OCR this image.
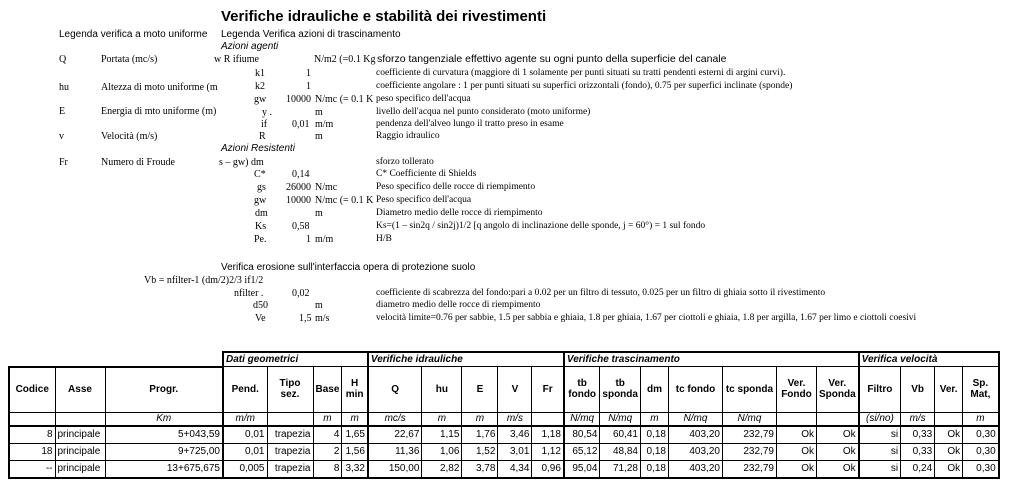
Verifiche idrauliche e stabilità dei rivestimenti
Legenda verifica a moto uniforme
Q	Portata (mc/s)
hu	Altezza di moto uniforme (m
E	Energia di mto uniforme (m)
v	Velocità (m/s)
Fr	Numero di Froude
Legenda Verifica azioni di trascinamento
Azioni agenti
w R ifiume	N/m2 (=0.1 Kg sforzo tangenziale effettivo agente su ogni punto della superficie del canale
k1	1	coefficiente di curvatura (maggiore di 1 solamente per punti situati su tratti pendenti esterni di argini curvi).
k2	1	coefficiente angolare : 1 per punti situati su superfici orizzontali (fondo), 0.75 per superfici inclinate (sponde)
gw 10000 N/mc (= 0.1 K peso specifico dell'acqua
y .	m	livello dell'acqua nel punto considerato (moto uniforme)
if 0,01 m/m	pendenza dell'alveo lungo il tratto preso in esame
R	m	Raggio idraulico
Azioni Resistenti
s – gw) dm	sforzo tollerato
C*	0,14	C* Coefficiente di Shields
gs 26000 N/mc	Peso specifico delle rocce di riempimento
gw 10000 N/mc (= 0.1 K Peso specifico dell'acqua
dm	m	Diametro medio delle rocce di riempimento
Ks	0,58	Ks=(1 – sin2q / sin2j)1/2 [q angolo di inclinazione delle sponde, j = 60°) = 1 sul fondo
Pe.	1 m/m	H/B
Verifica erosione sull'interfaccia opera di protezione suolo
Vb = nfilter-1 (dm/2)2/3 if1/2
nfilter .	0,02	coefficiente di scabrezza del fondo:pari a 0.02 per un filtro di tessuto, 0.025 per un filtro di ghiaia sotto il rivestimento
d50	m	diametro medio delle rocce di riempimento
Ve	1,5 m/s	velocità limite=0.76 per sabbie, 1.5 per sabbia e ghiaia, 1.8 per ghiaia, 1.67 per ciottoli e ghiaia, 1.8 per argilla, 1.67 per limo e ciottoli coesivi
			Dati geometrici				Verifiche idrauliche					Verifiche trascinamento							Verifica velocità			
Codice	Asse	Progr.	Pend.	Tipo sez.	Base	H min	Q	hu	E	V	Fr	tb fondo	tb sponda	dm	tc fondo	tc sponda	Ver. Fondo	Ver. Sponda	Filtro	Vb	Ver.	Sp. Mat,
		Km	m/m		m	m	mc/s	m	m	m/s		N/mq	N/mq	m	N/mq	N/mq			(si/no)	m/s		m
8	principale	5+043,59	0,01	trapezia	4	1,65	22,67	1,15	1,76	3,46	1,18	80,54	60,41	0,18	403,20	232,79	Ok	Ok	si	0,33	Ok	0,30
18	principale	9+725,00	0,01	trapezia	2	1,56	11,36	1,06	1,52	3,01	1,12	65,12	48,84	0,18	403,20	232,79	Ok	Ok	si	0,33	Ok	0,30
--	principale	13+675,675	0,005	trapezia	8	3,32	150,00	2,82	3,78	4,34	0,96	95,04	71,28	0,18	403,20	232,79	Ok	Ok	si	0,24	Ok	0,30
